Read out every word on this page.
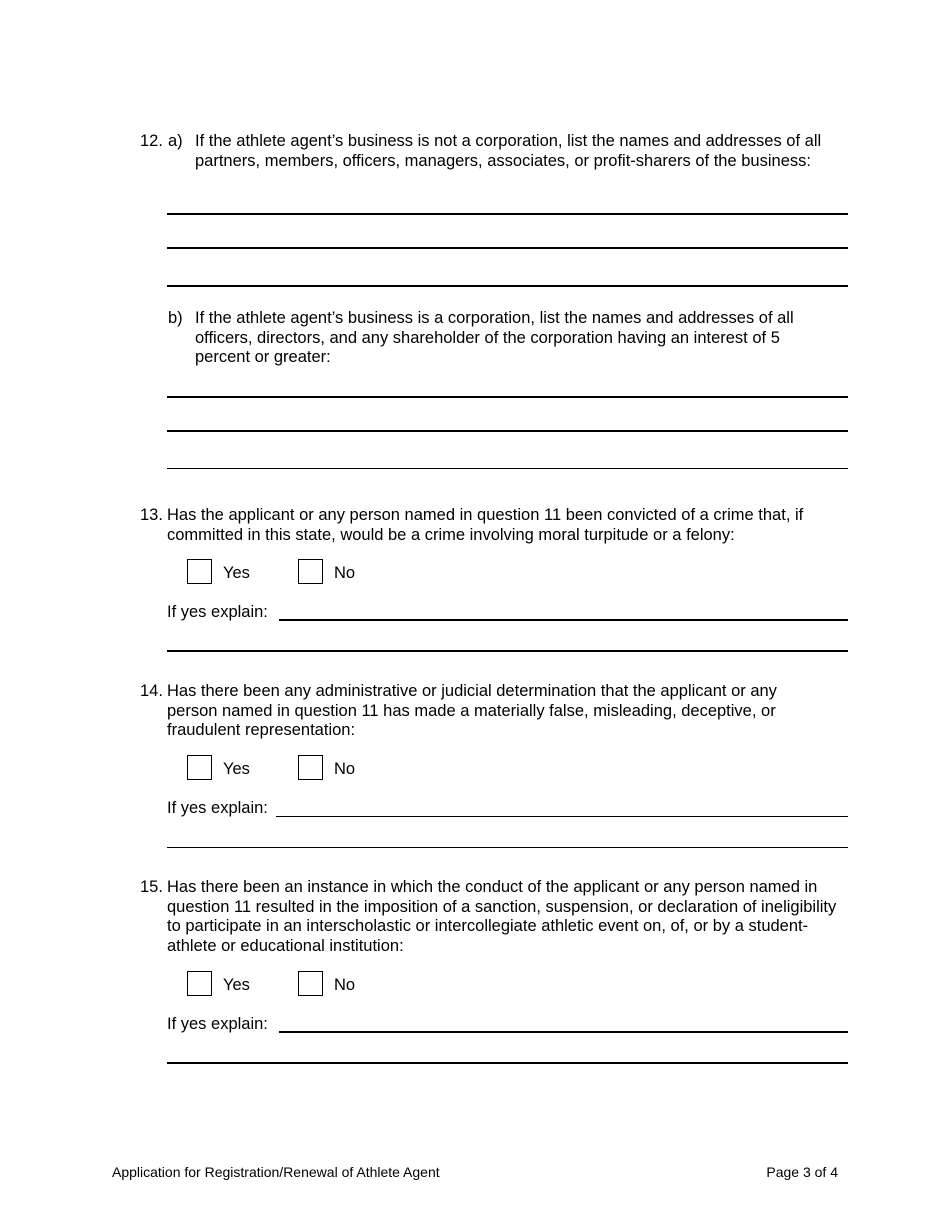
12. a) If the athlete agent’s business is not a corporation, list the names and addresses of all partners, members, officers, managers, associates, or profit-sharers of the business:
b) If the athlete agent’s business is a corporation, list the names and addresses of all officers, directors, and any shareholder of the corporation having an interest of 5 percent or greater:
13. Has the applicant or any person named in question 11 been convicted of a crime that, if committed in this state, would be a crime involving moral turpitude or a felony:
Yes	No
If yes explain:
14. Has there been any administrative or judicial determination that the applicant or any person named in question 11 has made a materially false, misleading, deceptive, or fraudulent representation:
Yes	No
If yes explain:
15. Has there been an instance in which the conduct of the applicant or any person named in question 11 resulted in the imposition of a sanction, suspension, or declaration of ineligibility to participate in an interscholastic or intercollegiate athletic event on, of, or by a student-athlete or educational institution:
Yes	No
If yes explain:
Application for Registration/Renewal of Athlete Agent	Page 3 of 4
